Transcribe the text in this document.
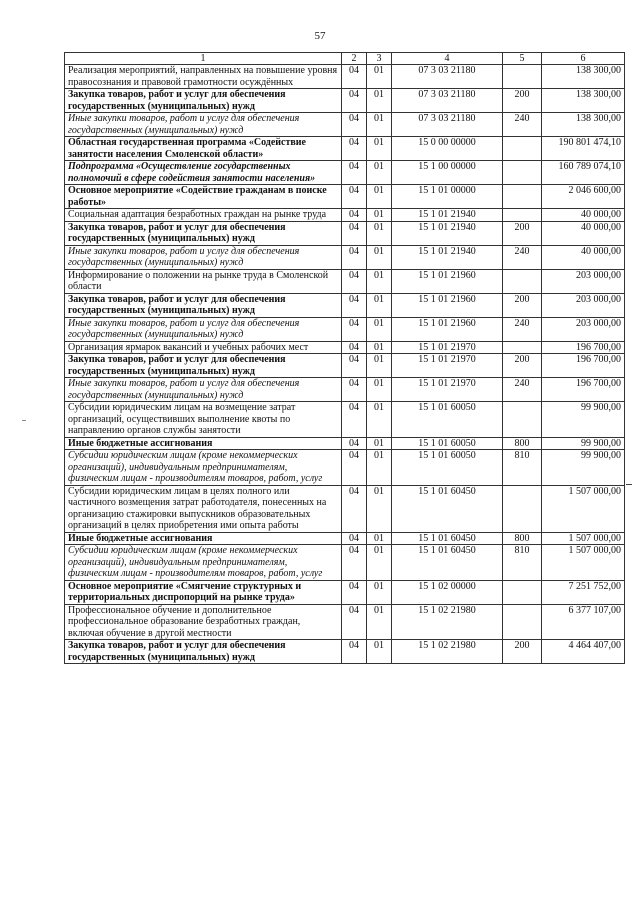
57
1	2	3	4	5	6
Реализация мероприятий, направленных на повышение уровня правосознания и правовой грамотности осуждённых	04	01	07 3 03 21180		138 300,00
Закупка товаров, работ и услуг для обеспечения государственных (муниципальных) нужд	04	01	07 3 03 21180	200	138 300,00
Иные закупки товаров, работ и услуг для обеспечения государственных (муниципальных) нужд	04	01	07 3 03 21180	240	138 300,00
Областная государственная программа «Содействие занятости населения Смоленской области»	04	01	15 0 00 00000		190 801 474,10
Подпрограмма «Осуществление государственных полномочий в сфере содействия занятости населения»	04	01	15 1 00 00000		160 789 074,10
Основное мероприятие «Содействие гражданам в поиске работы»	04	01	15 1 01 00000		2 046 600,00
Социальная адаптация безработных граждан на рынке труда	04	01	15 1 01 21940		40 000,00
Закупка товаров, работ и услуг для обеспечения государственных (муниципальных) нужд	04	01	15 1 01 21940	200	40 000,00
Иные закупки товаров, работ и услуг для обеспечения государственных (муниципальных) нужд	04	01	15 1 01 21940	240	40 000,00
Информирование о положении на рынке труда в Смоленской области	04	01	15 1 01 21960		203 000,00
Закупка товаров, работ и услуг для обеспечения государственных (муниципальных) нужд	04	01	15 1 01 21960	200	203 000,00
Иные закупки товаров, работ и услуг для обеспечения государственных (муниципальных) нужд	04	01	15 1 01 21960	240	203 000,00
Организация ярмарок вакансий и учебных рабочих мест	04	01	15 1 01 21970		196 700,00
Закупка товаров, работ и услуг для обеспечения государственных (муниципальных) нужд	04	01	15 1 01 21970	200	196 700,00
Иные закупки товаров, работ и услуг для обеспечения государственных (муниципальных) нужд	04	01	15 1 01 21970	240	196 700,00
Субсидии юридическим лицам на возмещение затрат организаций, осуществивших выполнение квоты по направлению органов службы занятости	04	01	15 1 01 60050		99 900,00
Иные бюджетные ассигнования	04	01	15 1 01 60050	800	99 900,00
Субсидии юридическим лицам (кроме некоммерческих организаций), индивидуальным предпринимателям, физическим лицам - производителям товаров, работ, услуг	04	01	15 1 01 60050	810	99 900,00
Субсидии юридическим лицам в целях полного или частичного возмещения затрат работодателя, понесенных на организацию стажировки выпускников образовательных организаций в целях приобретения ими опыта работы	04	01	15 1 01 60450		1 507 000,00
Иные бюджетные ассигнования	04	01	15 1 01 60450	800	1 507 000,00
Субсидии юридическим лицам (кроме некоммерческих организаций), индивидуальным предпринимателям, физическим лицам - производителям товаров, работ, услуг	04	01	15 1 01 60450	810	1 507 000,00
Основное мероприятие «Смягчение структурных и территориальных диспропорций на рынке труда»	04	01	15 1 02 00000		7 251 752,00
Профессиональное обучение и дополнительное профессиональное образование безработных граждан, включая обучение в другой местности	04	01	15 1 02 21980		6 377 107,00
Закупка товаров, работ и услуг для обеспечения государственных (муниципальных) нужд	04	01	15 1 02 21980	200	4 464 407,00
